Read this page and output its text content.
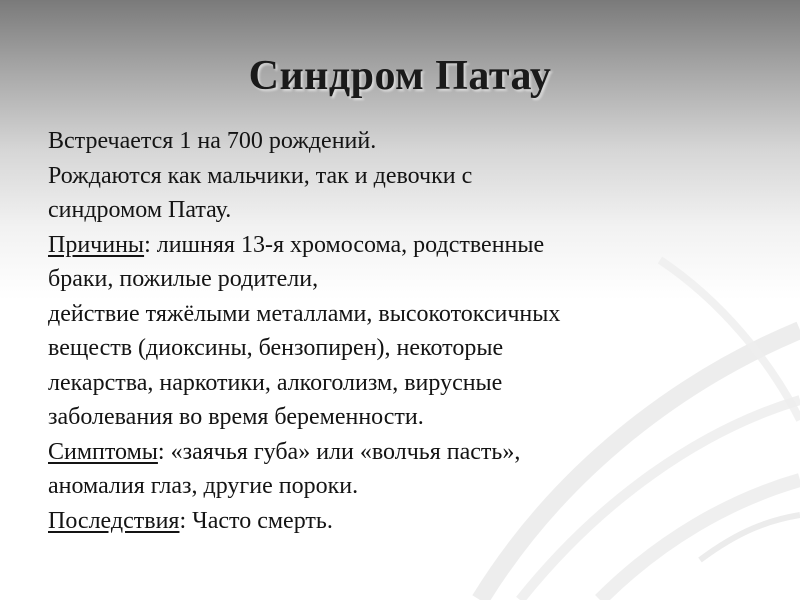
Синдром Патау
Встречается 1 на 700 рождений.
Рождаются как мальчики, так и девочки с
синдромом Патау.
Причины: лишняя 13-я хромосома, родственные
браки, пожилые родители,
действие тяжёлыми металлами, высокотоксичных
веществ (диоксины, бензопирен), некоторые
лекарства, наркотики, алкоголизм, вирусные
заболевания во время беременности.
Симптомы: «заячья губа» или «волчья пасть»,
аномалия глаз, другие пороки.
Последствия: Часто смерть.
